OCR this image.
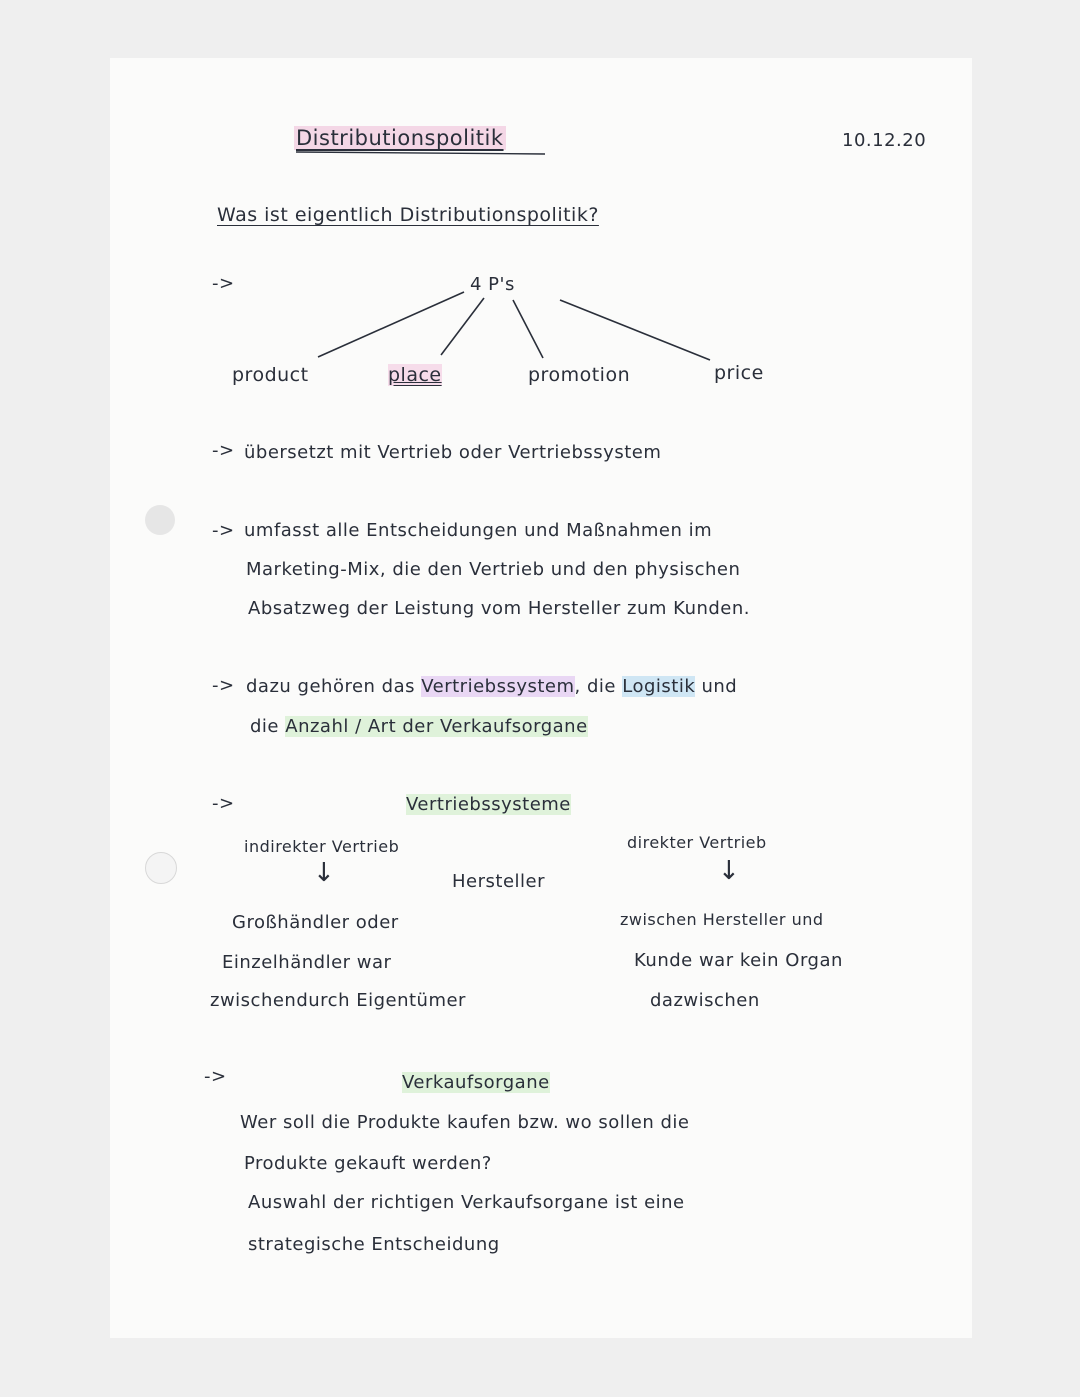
Distributionspolitik	10.12.20
Was ist eigentlich Distributionspolitik?
->	4 P's
product	place	promotion	price
-> übersetzt mit Vertrieb oder Vertriebssystem
-> umfasst alle Entscheidungen und Maßnahmen im
Marketing-Mix, die den Vertrieb und den physischen
Absatzweg der Leistung vom Hersteller zum Kunden.
-> dazu gehören das Vertriebssystem, die Logistik und
die Anzahl / Art der Verkaufsorgane
->	Vertriebssysteme
indirekter Vertrieb
↓	Hersteller
Großhändler oder
Einzelhändler war
zwischendurch Eigentümer
direkter Vertrieb
↓
zwischen Hersteller und
Kunde war kein Organ
dazwischen
->	Verkaufsorgane
Wer soll die Produkte kaufen bzw. wo sollen die
Produkte gekauft werden?
Auswahl der richtigen Verkaufsorgane ist eine
strategische Entscheidung
